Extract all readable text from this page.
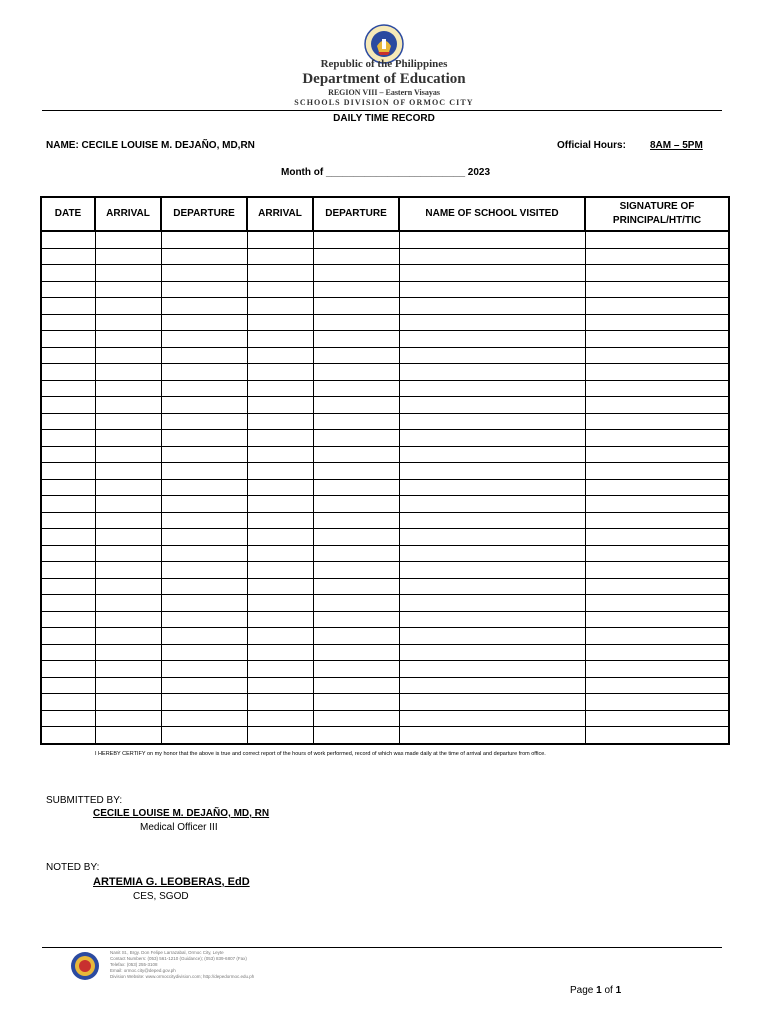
Republic of the Philippines
Department of Education
REGION VIII – Eastern Visayas
SCHOOLS DIVISION OF ORMOC CITY
DAILY TIME RECORD
NAME: CECILE LOUISE M. DEJAÑO, MD,RN	Official Hours: 8AM – 5PM
Month of _________________________ 2023
DATE	ARRIVAL	DEPARTURE	ARRIVAL	DEPARTURE	NAME OF SCHOOL VISITED	SIGNATURE OF PRINCIPAL/HT/TIC

I HEREBY CERTIFY on my honor that the above is true and correct report of the hours of work performed, record of which was made daily at the time of arrival and departure from office.
SUBMITTED BY:
CECILE LOUISE M. DEJAÑO, MD, RN
Medical Officer III
NOTED BY:
ARTEMIA G. LEOBERAS, EdD
CES, SGOD
Nanit St., Brgy. Don Felipe Larrazabal, Ormoc City, Leyte
Contact Numbers: (053) 561-1210 (Guidance); (053) 839-6807 (Fax)
Telefax: (053) 255-3108
Email: ormoc.city@deped.gov.ph
Division Website: www.ormoccitydivision.com; http://depedormoc.edu.ph
Page 1 of 1
